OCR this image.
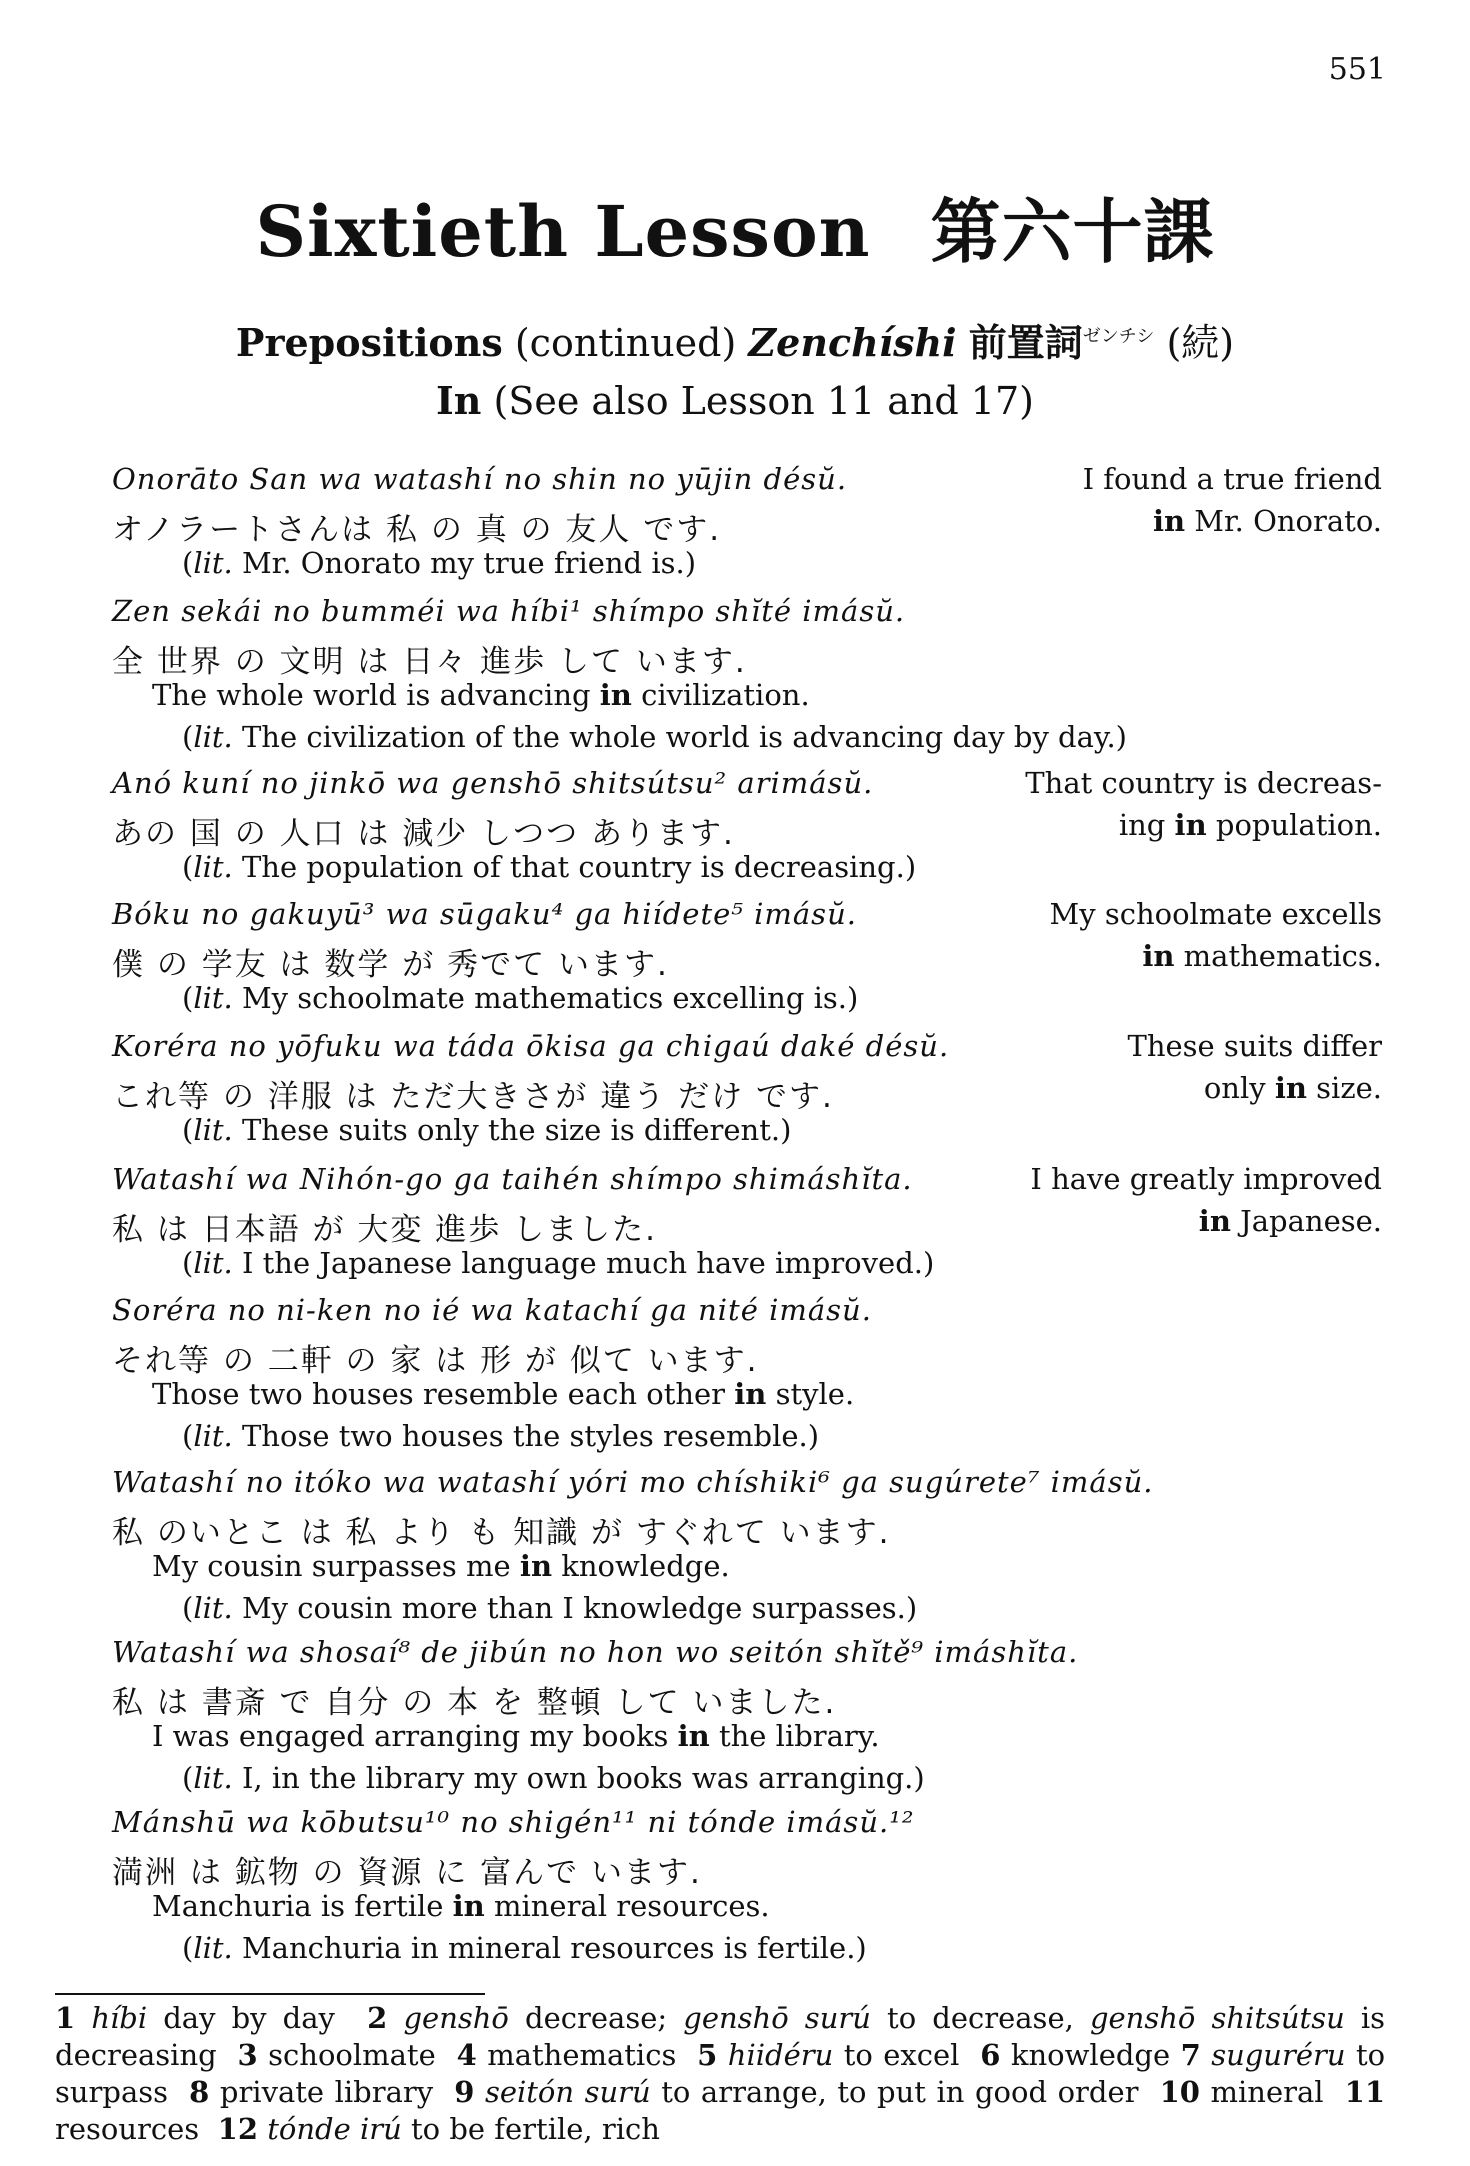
551
Sixtieth Lesson 第六十課
Prepositions (continued) Zenchíshi 前置詞$^{ゼンチシ}$ (続)
In (See also Lesson 11 and 17)
Onorāto San wa watashí no shin no yūjin désŭ.	I found a true friend
オノラートさんは 私 の 真 の 友人 です.	in Mr. Onorato.
(lit. Mr. Onorato my true friend is.)
Zen sekái no bumméi wa híbi¹ shímpo shĭté imásŭ.
全 世界 の 文明 は 日々 進歩 して います.
The whole world is advancing in civilization.
(lit. The civilization of the whole world is advancing day by day.)
Anó kuní no jinkō wa genshō shitsútsu² arimásŭ.	That country is decreas-
あの 国 の 人口 は 減少 しつつ あります.	ing in population.
(lit. The population of that country is decreasing.)
Bóku no gakuyū³ wa sūgaku⁴ ga hiídete⁵ imásŭ.	My schoolmate excells
僕 の 学友 は 数学 が 秀でて います.	in mathematics.
(lit. My schoolmate mathematics excelling is.)
Koréra no yōfuku wa táda ōkisa ga chigaú daké désŭ.	These suits differ
これ等 の 洋服 は ただ大きさが 違う だけ です.	only in size.
(lit. These suits only the size is different.)
Watashí wa Nihón-go ga taihén shímpo shimáshĭta.	I have greatly improved
私 は 日本語 が 大変 進歩 しました.	in Japanese.
(lit. I the Japanese language much have improved.)
Soréra no ni-ken no ié wa katachí ga nité imásŭ.
それ等 の 二軒 の 家 は 形 が 似て います.
Those two houses resemble each other in style.
(lit. Those two houses the styles resemble.)
Watashí no itóko wa watashí yóri mo chíshiki⁶ ga sugúrete⁷ imásŭ.
私 のいとこ は 私 より も 知識 が すぐれて います.
My cousin surpasses me in knowledge.
(lit. My cousin more than I knowledge surpasses.)
Watashí wa shosaí⁸ de jibún no hon wo seitón shĭtě⁹ imáshĭta.
私 は 書斎 で 自分 の 本 を 整頓 して いました.
I was engaged arranging my books in the library.
(lit. I, in the library my own books was arranging.)
Mánshū wa kōbutsu¹⁰ no shigén¹¹ ni tónde imásŭ.¹²
満洲 は 鉱物 の 資源 に 富んで います.
Manchuria is fertile in mineral resources.
(lit. Manchuria in mineral resources is fertile.)
1 híbi day by day 2 genshō decrease; genshō surú to decrease, genshō shitsútsu is decreasing 3 schoolmate 4 mathematics 5 hiidéru to excel 6 knowledge 7 suguréru to surpass 8 private library 9 seitón surú to arrange, to put in good order 10 mineral 11 resources 12 tónde irú to be fertile, rich
